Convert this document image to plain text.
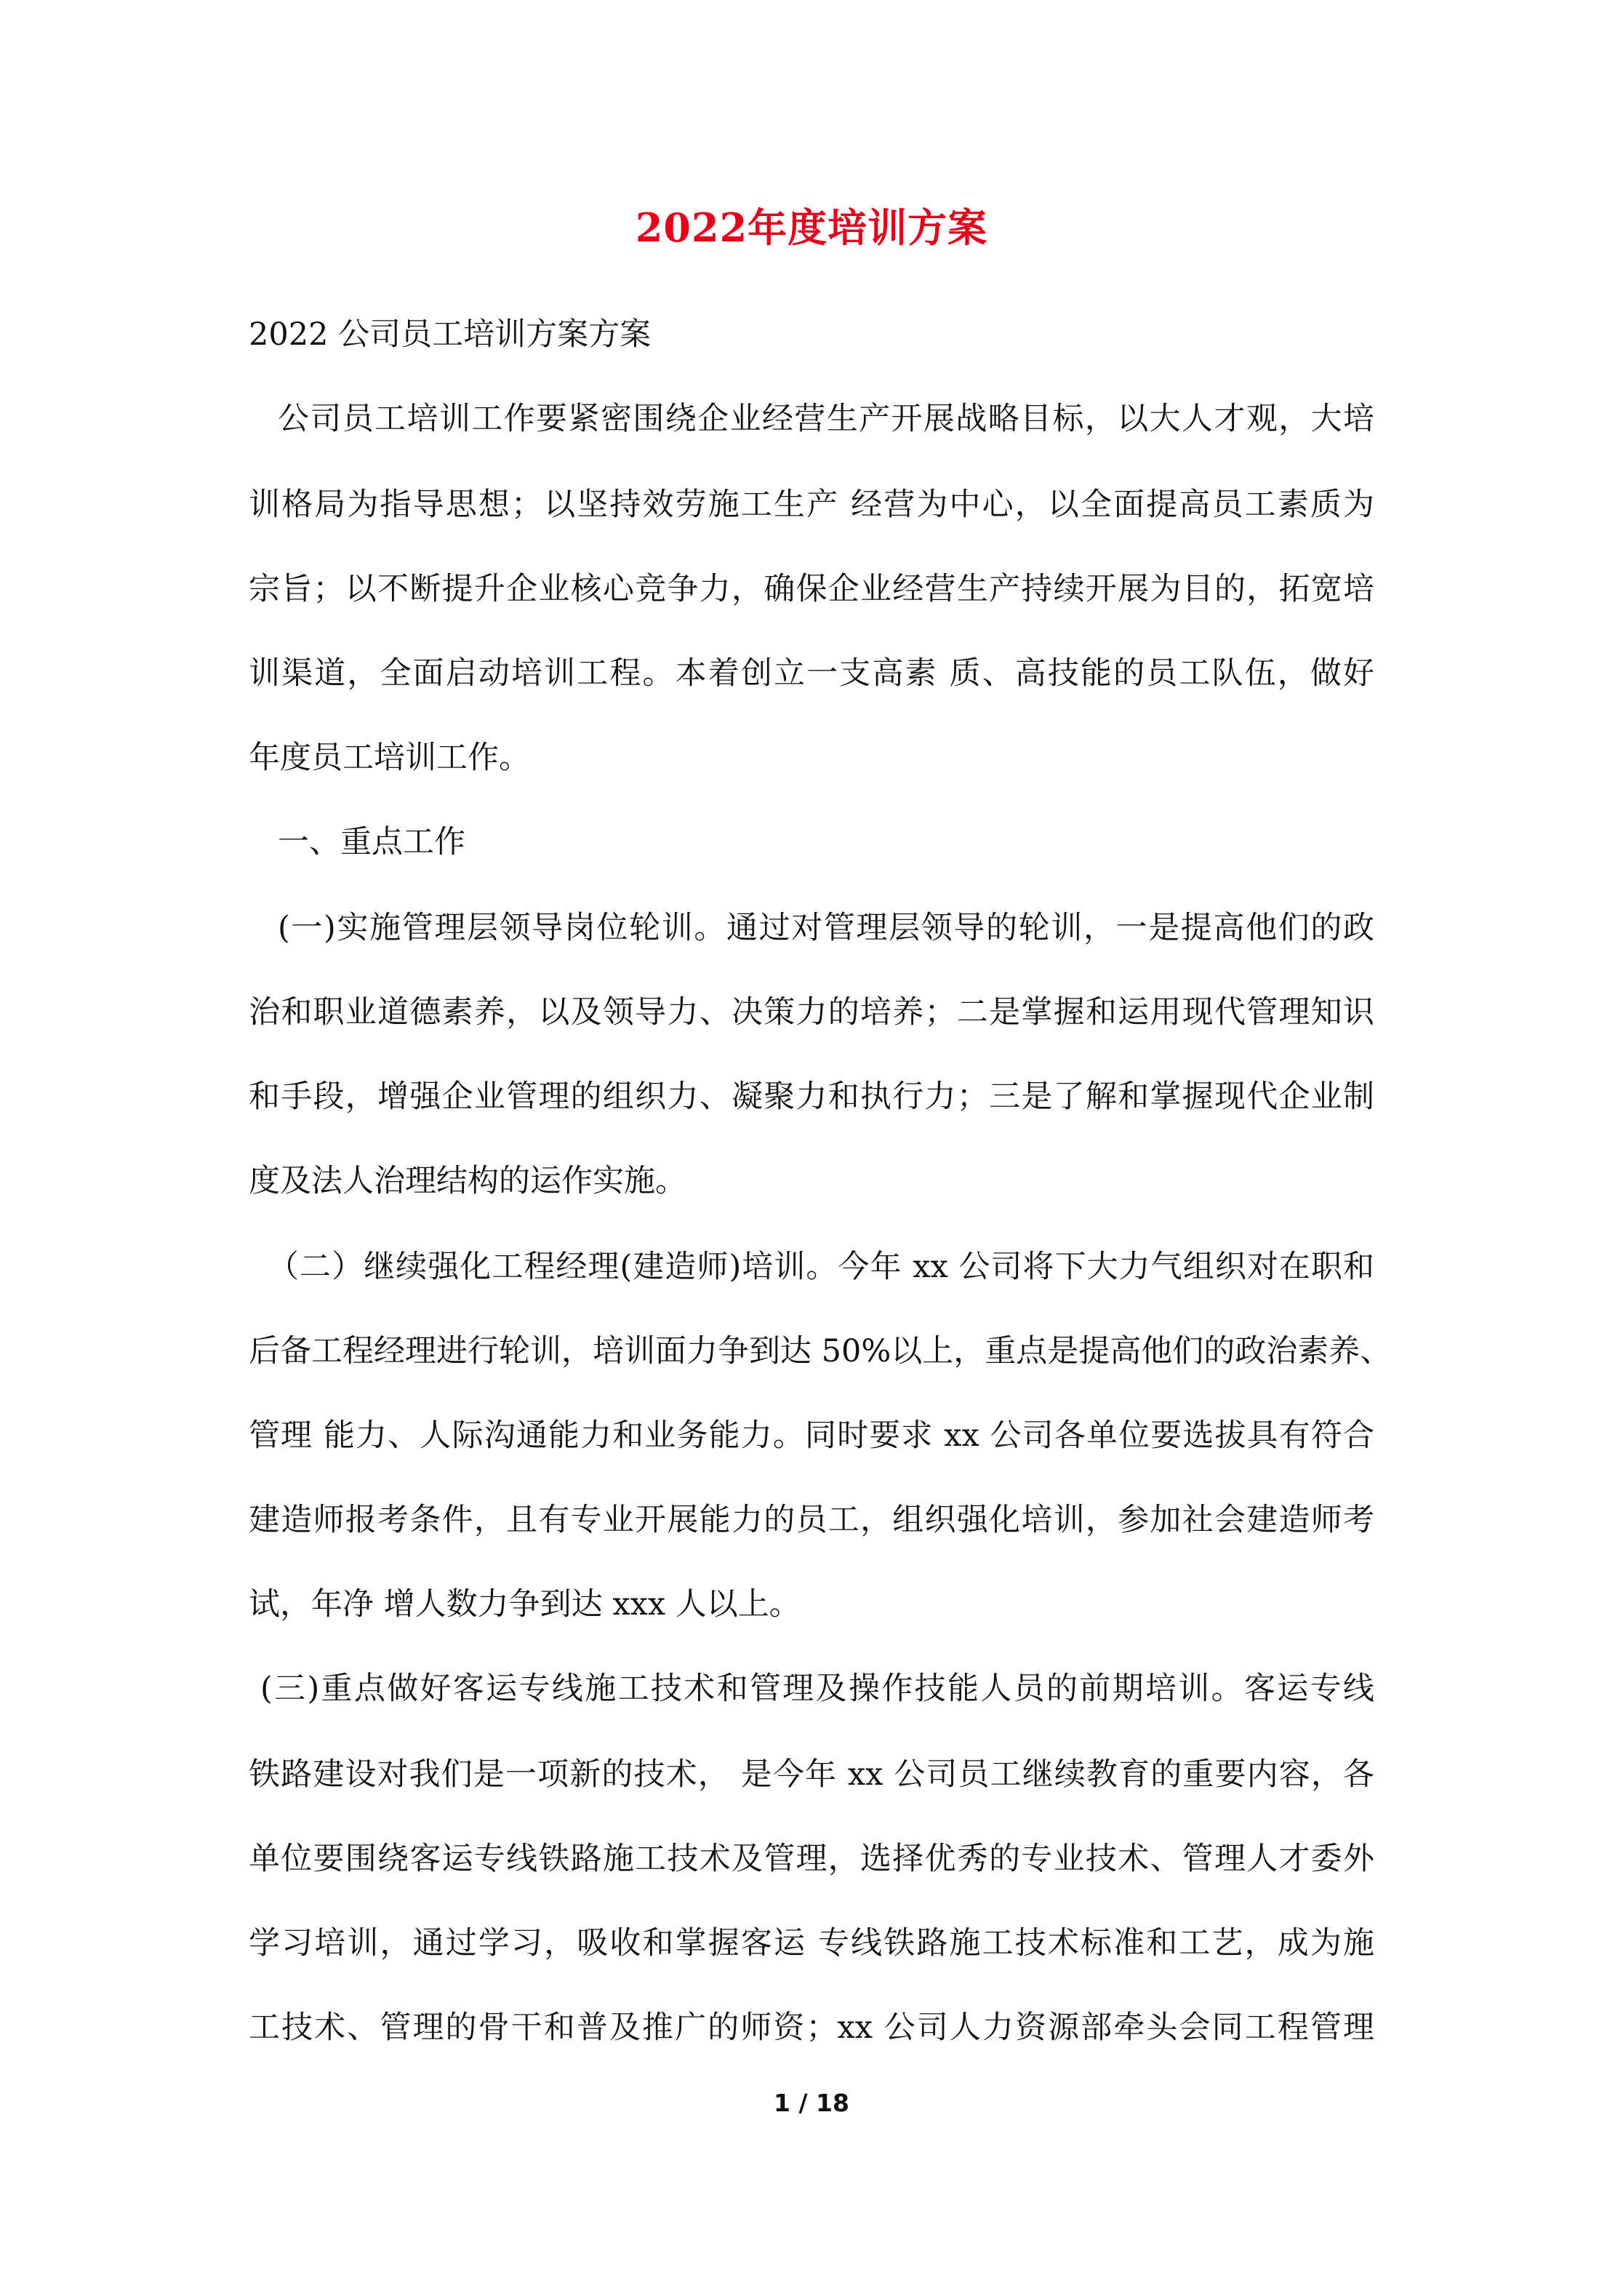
2022年度培训方案
2022 公司员工培训方案方案
公司员工培训工作要紧密围绕企业经营生产开展战略目标，以大人才观，大培
训格局为指导思想；以坚持效劳施工生产 经营为中心，以全面提高员工素质为
宗旨；以不断提升企业核心竞争力，确保企业经营生产持续开展为目的，拓宽培
训渠道，全面启动培训工程。本着创立一支高素 质、高技能的员工队伍，做好
年度员工培训工作。
一、重点工作
(一)实施管理层领导岗位轮训。通过对管理层领导的轮训，一是提高他们的政
治和职业道德素养，以及领导力、决策力的培养；二是掌握和运用现代管理知识
和手段，增强企业管理的组织力、凝聚力和执行力；三是了解和掌握现代企业制
度及法人治理结构的运作实施。
（二）继续强化工程经理(建造师)培训。今年 xx 公司将下大力气组织对在职和
后备工程经理进行轮训，培训面力争到达 50%以上，重点是提高他们的政治素养、
管理 能力、人际沟通能力和业务能力。同时要求 xx 公司各单位要选拔具有符合
建造师报考条件，且有专业开展能力的员工，组织强化培训，参加社会建造师考
试，年净 增人数力争到达 xxx 人以上。
(三)重点做好客运专线施工技术和管理及操作技能人员的前期培训。客运专线
铁路建设对我们是一项新的技术， 是今年 xx 公司员工继续教育的重要内容，各
单位要围绕客运专线铁路施工技术及管理，选择优秀的专业技术、管理人才委外
学习培训，通过学习，吸收和掌握客运 专线铁路施工技术标准和工艺，成为施
工技术、管理的骨干和普及推广的师资；xx 公司人力资源部牵头会同工程管理
1 / 18
